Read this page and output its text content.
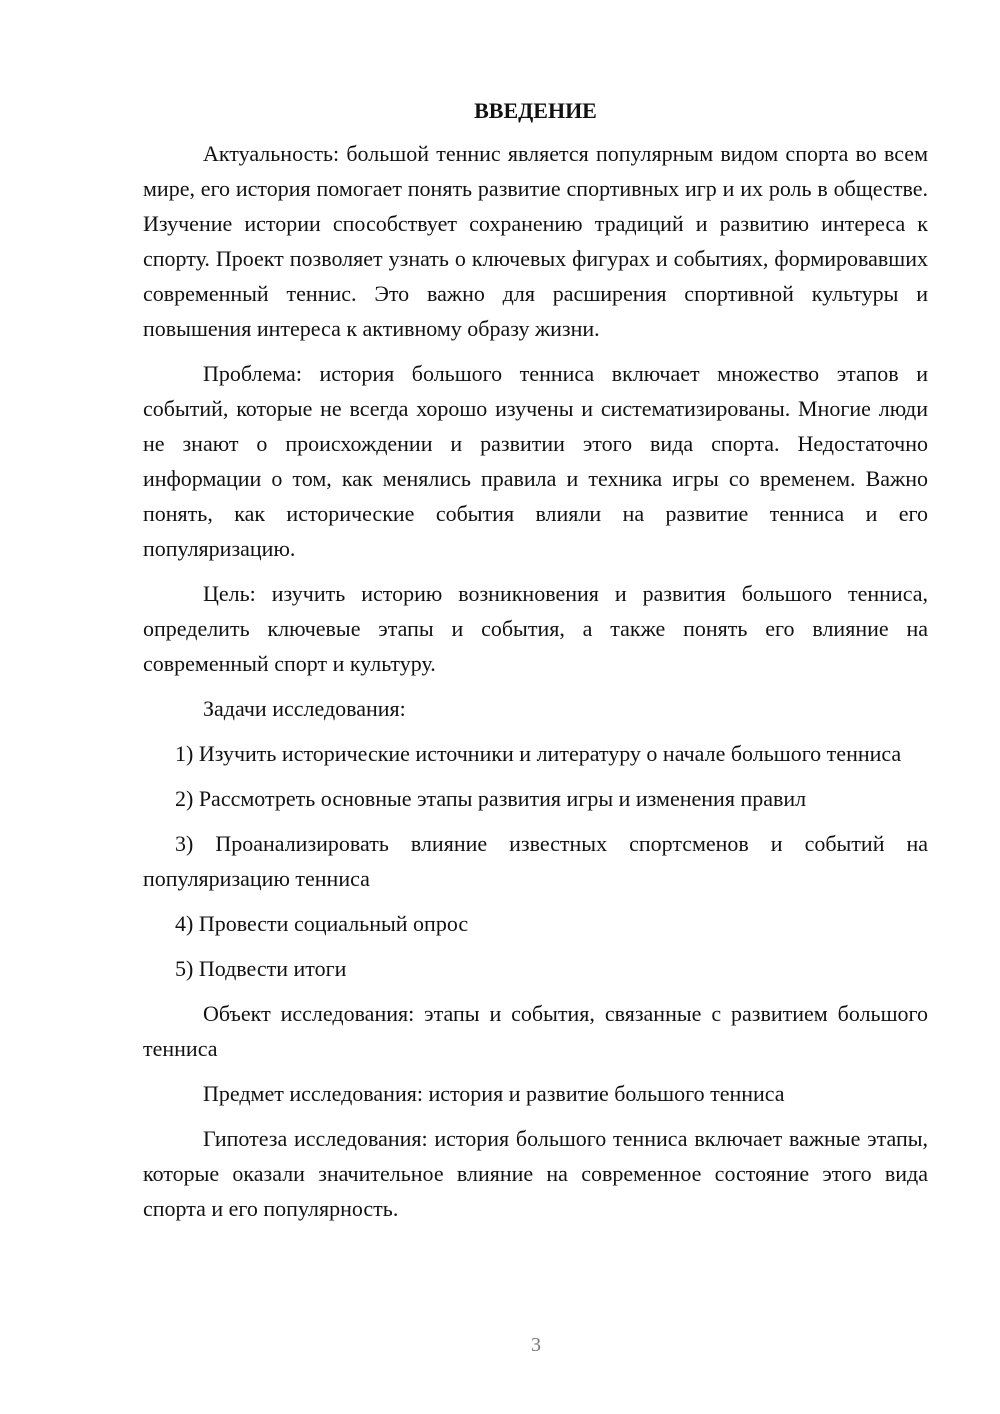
ВВЕДЕНИЕ

Актуальность: большой теннис является популярным видом спорта во всем мире, его история помогает понять развитие спортивных игр и их роль в обществе. Изучение истории способствует сохранению традиций и развитию интереса к спорту. Проект позволяет узнать о ключевых фигурах и событиях, формировавших современный теннис. Это важно для расширения спортивной культуры и повышения интереса к активному образу жизни.

Проблема: история большого тенниса включает множество этапов и событий, которые не всегда хорошо изучены и систематизированы. Многие люди не знают о происхождении и развитии этого вида спорта. Недостаточно информации о том, как менялись правила и техника игры со временем. Важно понять, как исторические события влияли на развитие тенниса и его популяризацию.

Цель: изучить историю возникновения и развития большого тенниса, определить ключевые этапы и события, а также понять его влияние на современный спорт и культуру.

Задачи исследования:

1) Изучить исторические источники и литературу о начале большого тенниса

2) Рассмотреть основные этапы развития игры и изменения правил

3) Проанализировать влияние известных спортсменов и событий на популяризацию тенниса

4) Провести социальный опрос

5) Подвести итоги

Объект исследования: этапы и события, связанные с развитием большого тенниса

Предмет исследования: история и развитие большого тенниса

Гипотеза исследования: история большого тенниса включает важные этапы, которые оказали значительное влияние на современное состояние этого вида спорта и его популярность.

3
